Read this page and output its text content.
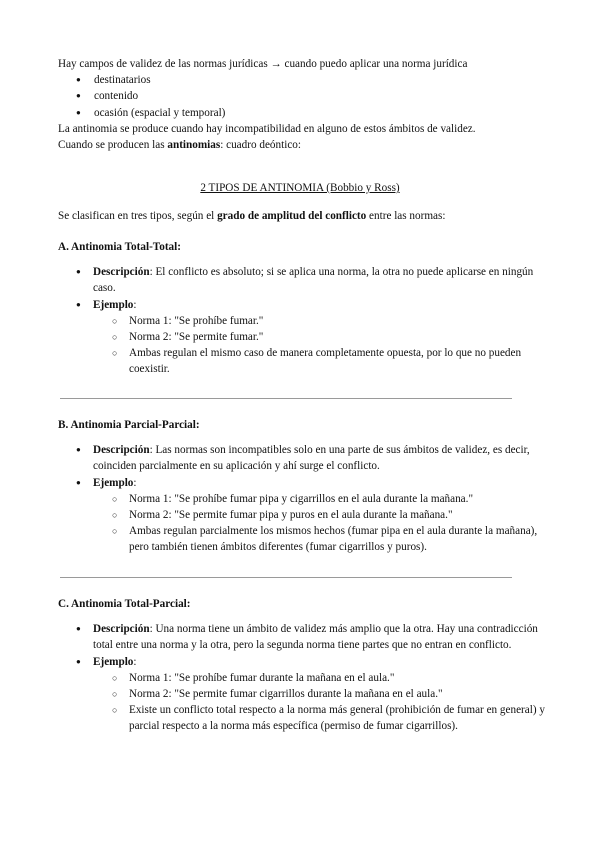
Hay campos de validez de las normas jurídicas → cuando puedo aplicar una norma jurídica

● destinatarios
● contenido
● ocasión (espacial y temporal)

La antinomia se produce cuando hay incompatibilidad en alguno de estos ámbitos de validez.

Cuando se producen las antinomias: cuadro deóntico:

2 TIPOS DE ANTINOMIA (Bobbio y Ross)

Se clasifican en tres tipos, según el grado de amplitud del conflicto entre las normas:

A. Antinomia Total-Total:
● Descripción: El conflicto es absoluto; si se aplica una norma, la otra no puede aplicarse en ningún caso.
● Ejemplo:
○ Norma 1: "Se prohíbe fumar."
○ Norma 2: "Se permite fumar."
○ Ambas regulan el mismo caso de manera completamente opuesta, por lo que no pueden coexistir.
B. Antinomia Parcial-Parcial:
● Descripción: Las normas son incompatibles solo en una parte de sus ámbitos de validez, es decir, coinciden parcialmente en su aplicación y ahí surge el conflicto.
● Ejemplo:
○ Norma 1: "Se prohíbe fumar pipa y cigarrillos en el aula durante la mañana."
○ Norma 2: "Se permite fumar pipa y puros en el aula durante la mañana."
○ Ambas regulan parcialmente los mismos hechos (fumar pipa en el aula durante la mañana), pero también tienen ámbitos diferentes (fumar cigarrillos y puros).
C. Antinomia Total-Parcial:
● Descripción: Una norma tiene un ámbito de validez más amplio que la otra. Hay una contradicción total entre una norma y la otra, pero la segunda norma tiene partes que no entran en conflicto.
● Ejemplo:
○ Norma 1: "Se prohíbe fumar durante la mañana en el aula."
○ Norma 2: "Se permite fumar cigarrillos durante la mañana en el aula."
○ Existe un conflicto total respecto a la norma más general (prohibición de fumar en general) y parcial respecto a la norma más específica (permiso de fumar cigarrillos).
